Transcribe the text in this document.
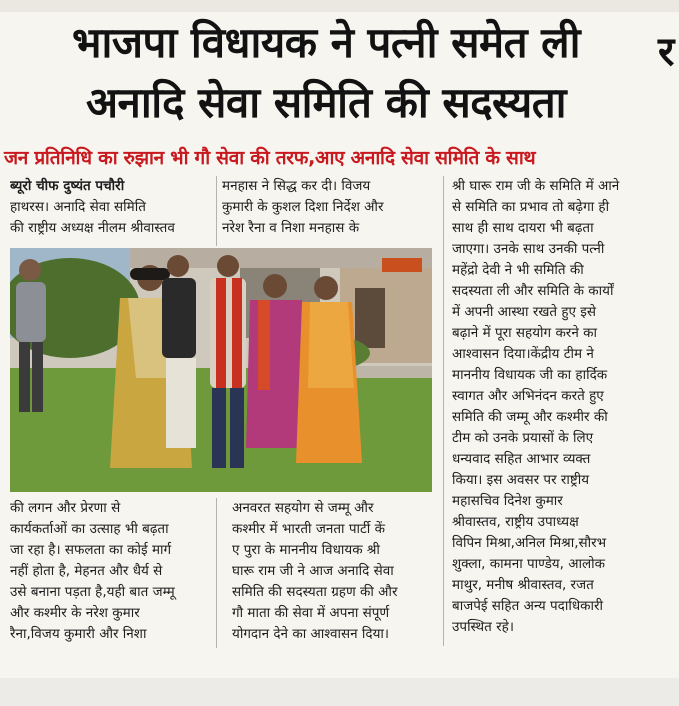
भाजपा विधायक ने पत्नी समेत ली
अनादि सेवा समिति की सदस्यता
र
जन प्रतिनिधि का रुझान भी गौ सेवा की तरफ,आए अनादि सेवा समिति के साथ
ब्यूरो चीफ दुष्यंत पचौरी
हाथरस। अनादि सेवा समिति
की राष्ट्रीय अध्यक्ष नीलम श्रीवास्तव
मनहास ने सिद्ध कर दी। विजय
कुमारी के कुशल दिशा निर्देश और
नरेश रैना व निशा मनहास के
श्री घारू राम जी के समिति में आने
से समिति का प्रभाव तो बढ़ेगा ही
साथ ही साथ दायरा भी बढ़ता
जाएगा। उनके साथ उनकी पत्नी
महेंद्रो देवी ने भी समिति की
सदस्यता ली और समिति के कार्यों
में अपनी आस्था रखते हुए इसे
बढ़ाने में पूरा सहयोग करने का
आश्वासन दिया।केंद्रीय टीम ने
माननीय विधायक जी का हार्दिक
स्वागत और अभिनंदन करते हुए
समिति की जम्मू और कश्मीर की
टीम को उनके प्रयासों के लिए
धन्यवाद सहित आभार व्यक्त
किया। इस अवसर पर राष्ट्रीय
महासचिव दिनेश कुमार
श्रीवास्तव, राष्ट्रीय उपाध्यक्ष
विपिन मिश्रा,अनिल मिश्रा,सौरभ
शुक्ला, कामना पाण्डेय, आलोक
माथुर, मनीष श्रीवास्तव, रजत
बाजपेई सहित अन्य पदाधिकारी
उपस्थित रहे।
की लगन और प्रेरणा से
कार्यकर्ताओं का उत्साह भी बढ़ता
जा रहा है। सफलता का कोई मार्ग
नहीं होता है, मेहनत और धैर्य से
उसे बनाना पड़ता है,यही बात जम्मू
और कश्मीर के नरेश कुमार
रैना,विजय कुमारी और निशा
अनवरत सहयोग से जम्मू और
कश्मीर में भारती जनता पार्टी कें
ए पुरा के माननीय विधायक श्री
घारू राम जी ने आज अनादि सेवा
समिति की सदस्यता ग्रहण की और
गौ माता की सेवा में अपना संपूर्ण
योगदान देने का आश्वासन दिया।
